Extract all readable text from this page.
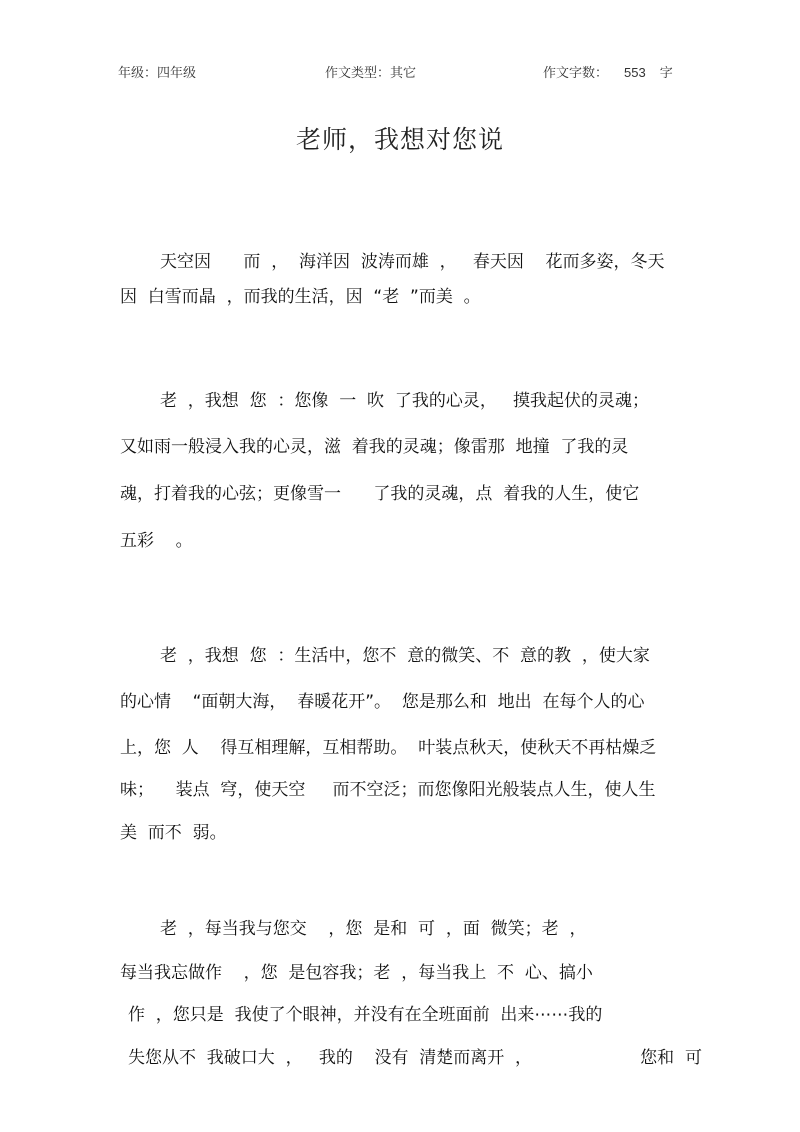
年级：四年级	作文类型：其它	作文字数： 553 字
老师，我想对您说
天空因      而  ，  海洋因  波涛而雄  ，   春天因    花而多姿，冬天
因  白雪而晶  ，而我的生活，因  “老  ”而美  。
老  ，我想  您  ：您像  一  吹  了我的心灵，   摸我起伏的灵魂；
又如雨一般浸入我的心灵，滋  着我的灵魂；像雷那  地撞  了我的灵
魂，打着我的心弦；更像雪一      了我的灵魂，点  着我的人生，使它
五彩    。
老  ，我想  您  ：生活中，您不  意的微笑、不  意的教  ，使大家
的心情    “面朝大海，  春暖花开”。  您是那么和  地出  在每个人的心
上，您  人    得互相理解，互相帮助。  叶装点秋天，使秋天不再枯燥乏
味；    装点  穹，使天空     而不空泛；而您像阳光般装点人生，使人生
美  而不  弱。
老  ，每当我与您交    ，您  是和  可  ，面  微笑；老  ，
每当我忘做作    ，您  是包容我；老  ，每当我上  不  心、搞小
作  ，您只是  我使了个眼神，并没有在全班面前  出来⋯⋯我的
失您从不  我破口大  ，   我的    没有  清楚而离开  ，                    您和  可
